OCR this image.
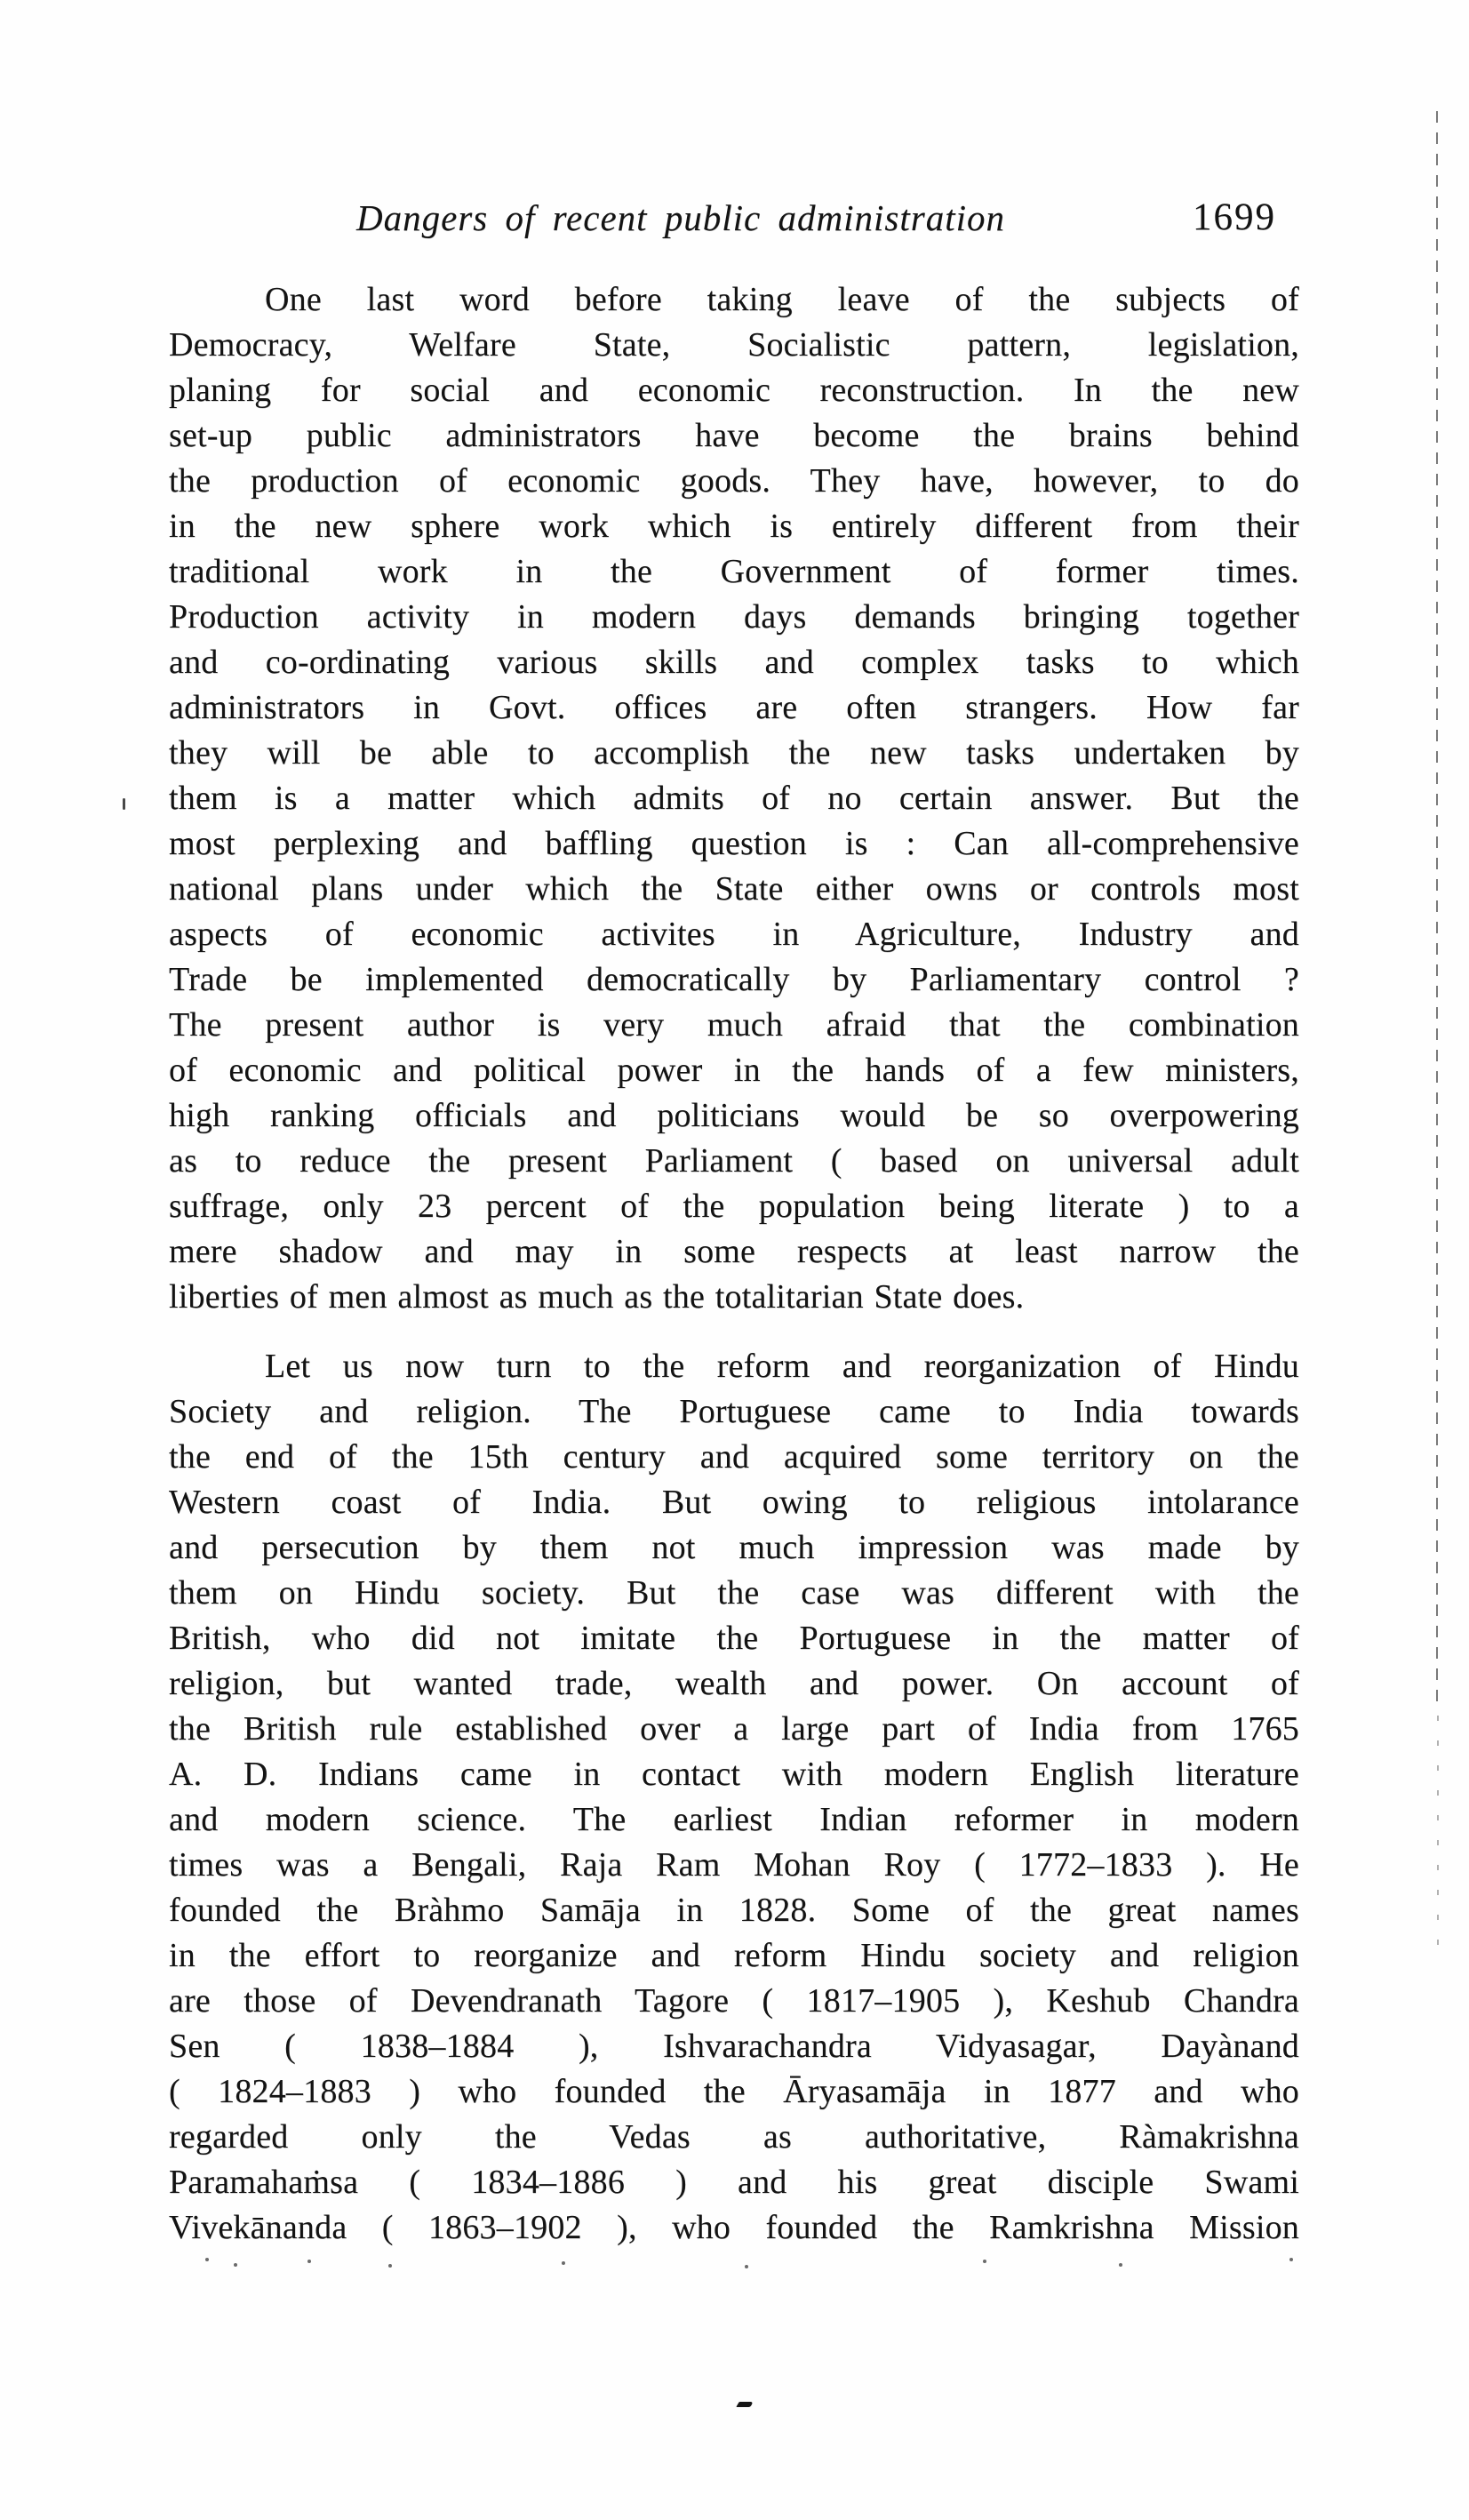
Dangers of recent public administration	1699
One last word before taking leave of the subjects of
Democracy, Welfare State, Socialistic pattern, legislation,
planing for social and economic reconstruction. In the new
set-up public administrators have become the brains behind
the production of economic goods. They have, however, to do
in the new sphere work which is entirely different from their
traditional work in the Government of former times.
Production activity in modern days demands bringing together
and co-ordinating various skills and complex tasks to which
administrators in Govt. offices are often strangers. How far
they will be able to accomplish the new tasks undertaken by
them is a matter which admits of no certain answer. But the
most perplexing and baffling question is : Can all-comprehensive
national plans under which the State either owns or controls most
aspects of economic activites in Agriculture, Industry and
Trade be implemented democratically by Parliamentary control ?
The present author is very much afraid that the combination
of economic and political power in the hands of a few ministers,
high ranking officials and politicians would be so overpowering
as to reduce the present Parliament ( based on universal adult
suffrage, only 23 percent of the population being literate ) to a
mere shadow and may in some respects at least narrow the
liberties of men almost as much as the totalitarian State does.
Let us now turn to the reform and reorganization of Hindu
Society and religion. The Portuguese came to India towards
the end of the 15th century and acquired some territory on the
Western coast of India. But owing to religious intolarance
and persecution by them not much impression was made by
them on Hindu society. But the case was different with the
British, who did not imitate the Portuguese in the matter of
religion, but wanted trade, wealth and power. On account of
the British rule established over a large part of India from 1765
A. D. Indians came in contact with modern English literature
and modern science. The earliest Indian reformer in modern
times was a Bengali, Raja Ram Mohan Roy ( 1772–1833 ). He
founded the Bràhmo Samāja in 1828. Some of the great names
in the effort to reorganize and reform Hindu society and religion
are those of Devendranath Tagore ( 1817–1905 ), Keshub Chandra
Sen ( 1838–1884 ), Ishvarachandra Vidyasagar, Dayànand
( 1824–1883 ) who founded the Āryasamāja in 1877 and who
regarded only the Vedas as authoritative, Ràmakrishna
Paramahaṁsa ( 1834–1886 ) and his great disciple Swami
Vivekānanda ( 1863–1902 ), who founded the Ramkrishna Mission
